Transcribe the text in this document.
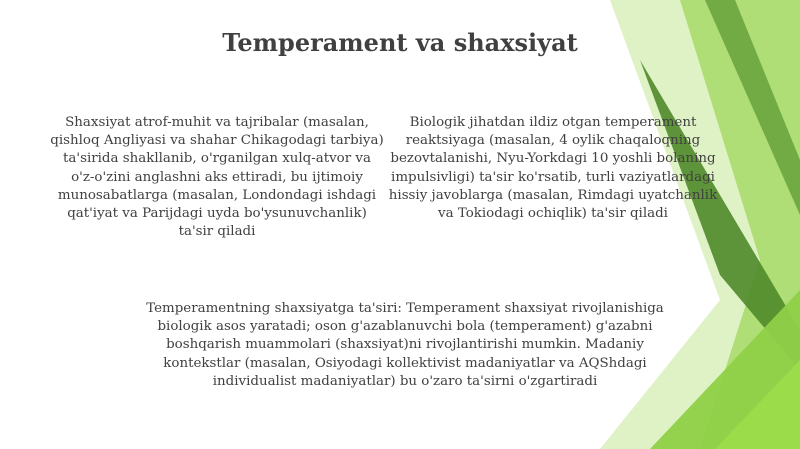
Temperament va shaxsiyat

Shaxsiyat atrof-muhit va tajribalar (masalan, qishloq Angliyasi va shahar Chikagodagi tarbiya) ta'sirida shakllanib, o'rganilgan xulq-atvor va o'z-o'zini anglashni aks ettiradi, bu ijtimoiy munosabatlarga (masalan, Londondagi ishdagi qat'iyat va Parijdagi uyda bo'ysunuvchanlik) ta'sir qiladi

Biologik jihatdan ildiz otgan temperament reaktsiyaga (masalan, 4 oylik chaqaloqning bezovtalanishi, Nyu-Yorkdagi 10 yoshli bolaning impulsivligi) ta'sir ko'rsatib, turli vaziyatlardagi hissiy javoblarga (masalan, Rimdagi uyatchanlik va Tokiodagi ochiqlik) ta'sir qiladi

Temperamentning shaxsiyatga ta'siri: Temperament shaxsiyat rivojlanishiga biologik asos yaratadi; oson g'azablanuvchi bola (temperament) g'azabni boshqarish muammolari (shaxsiyat)ni rivojlantirishi mumkin. Madaniy kontekstlar (masalan, Osiyodagi kollektivist madaniyatlar va AQShdagi individualist madaniyatlar) bu o'zaro ta'sirni o'zgartiradi
